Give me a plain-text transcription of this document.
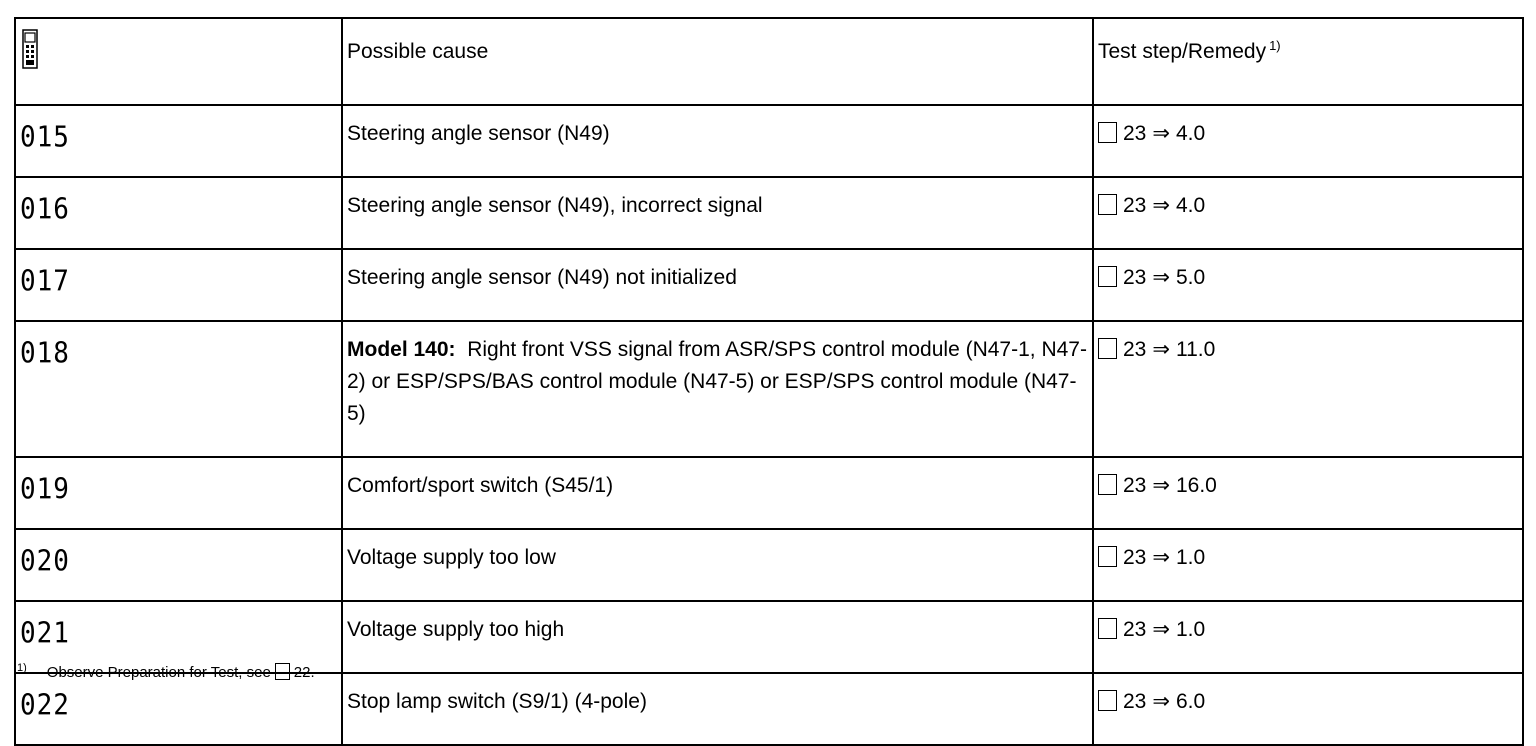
	Possible cause	Test step/Remedy $^{1)}$
015	Steering angle sensor (N49)	23 ⇒ 4.0
016	Steering angle sensor (N49), incorrect signal	23 ⇒ 4.0
017	Steering angle sensor (N49) not initialized	23 ⇒ 5.0
018	Model 140: Right front VSS signal from ASR/SPS control module (N47-1, N47-2) or ESP/SPS/BAS control module (N47-5) or ESP/SPS control module (N47-5)	23 ⇒ 11.0
019	Comfort/sport switch (S45/1)	23 ⇒ 16.0
020	Voltage supply too low	23 ⇒ 1.0
021	Voltage supply too high	23 ⇒ 1.0
022	Stop lamp switch (S9/1) (4-pole)	23 ⇒ 6.0
$^{1)}$ Observe Preparation for Test, see 22.
